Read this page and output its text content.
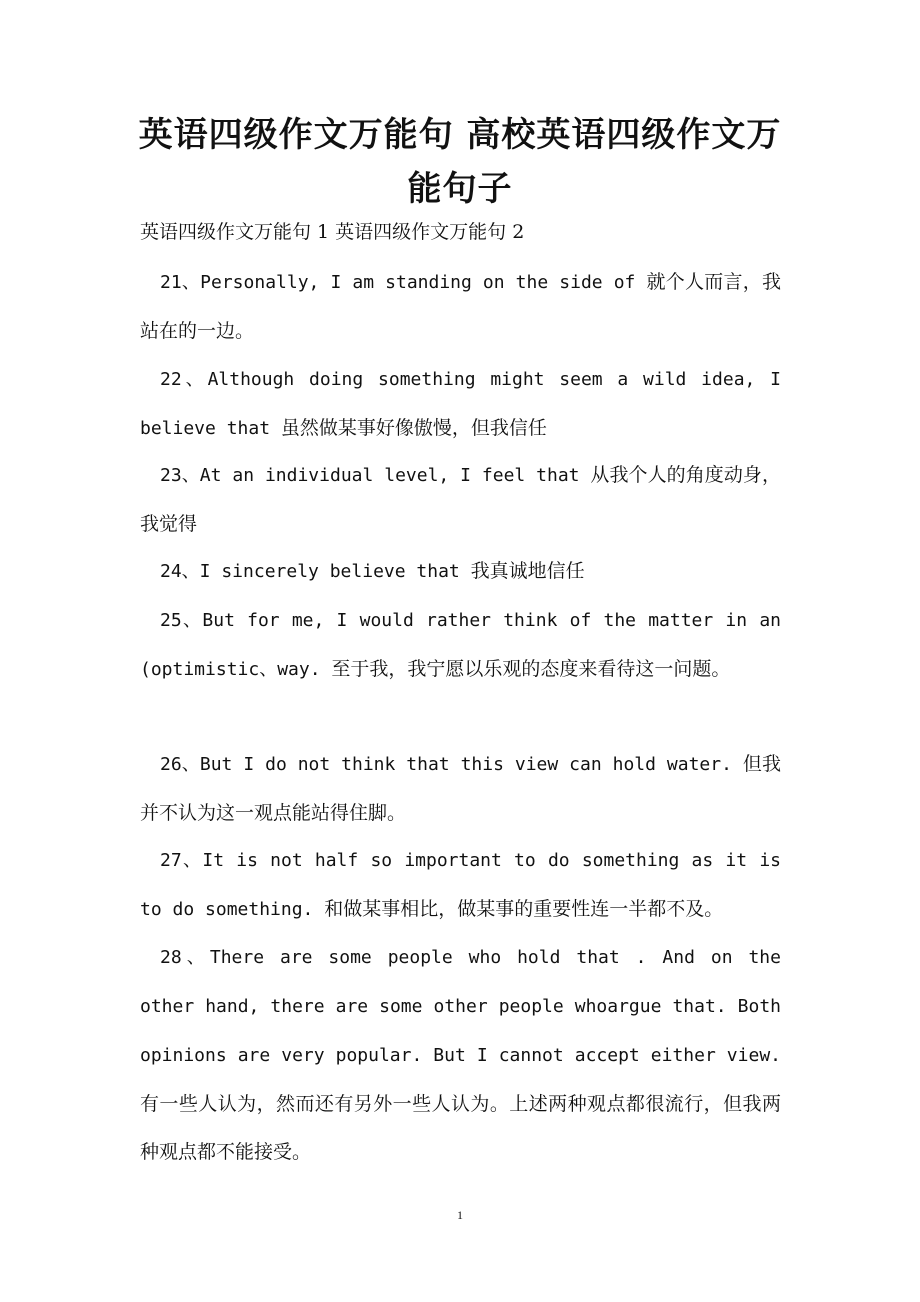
英语四级作文万能句 高校英语四级作文万
能句子
英语四级作文万能句 1 英语四级作文万能句 2
21、Personally, I am standing on the side of 就个人而言，我站在的一边。
22、Although doing something might seem a wild idea, I believe that 虽然做某事好像傲慢，但我信任
23、At an individual level, I feel that 从我个人的角度动身，我觉得
24、I sincerely believe that 我真诚地信任
25、But for me, I would rather think of the matter in an (optimistic、way. 至于我，我宁愿以乐观的态度来看待这一问题。
26、But I do not think that this view can hold water. 但我并不认为这一观点能站得住脚。
27、It is not half so important to do something as it is to do something. 和做某事相比，做某事的重要性连一半都不及。
28、There are some people who hold that . And on the other hand, there are some other people whoargue that. Both opinions are very popular. But I cannot accept either view. 有一些人认为，然而还有另外一些人认为。上述两种观点都很流行，但我两种观点都不能接受。
1
